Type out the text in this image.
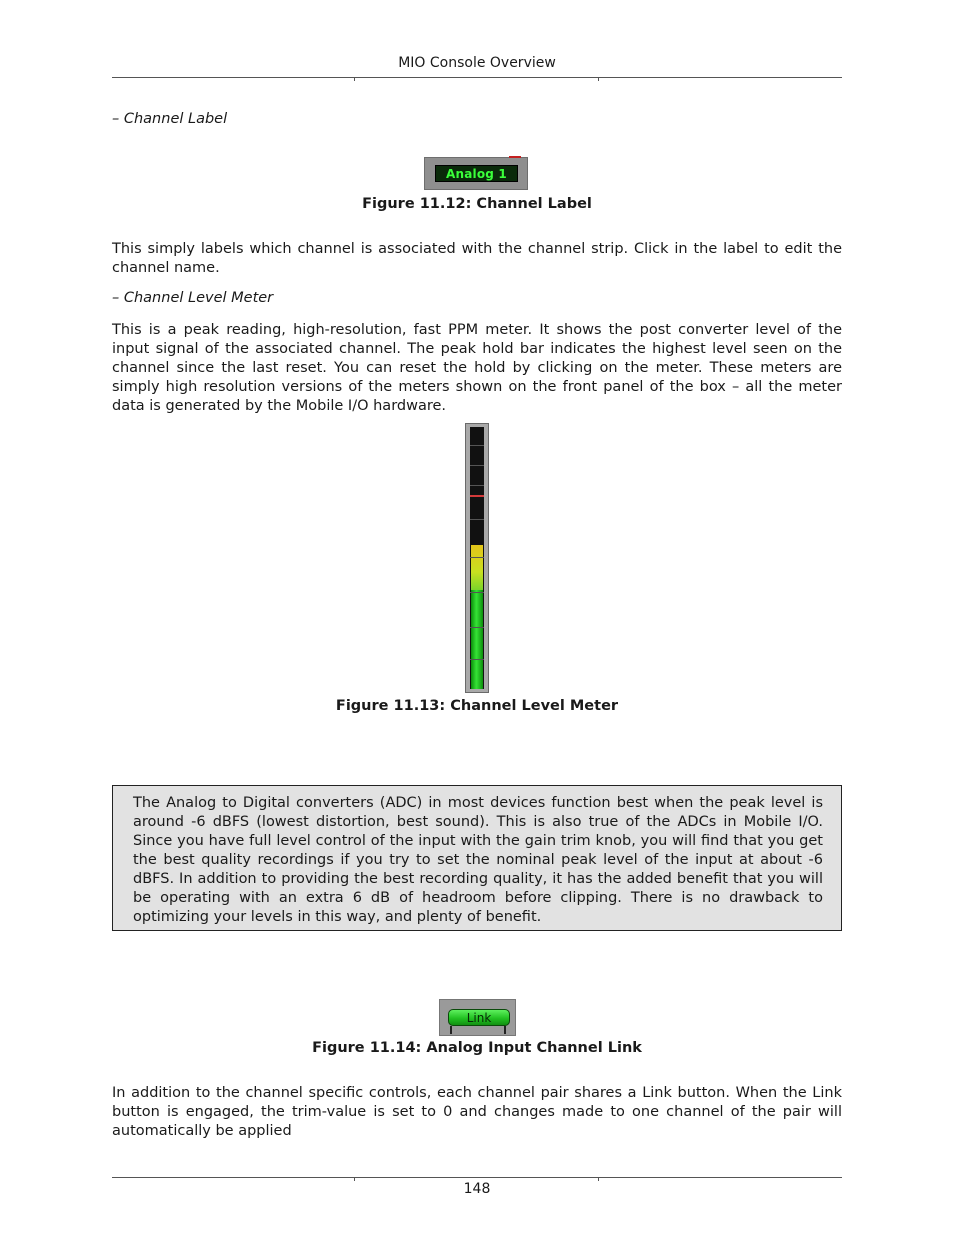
MIO Console Overview
– Channel Label
Analog 1
Figure 11.12: Channel Label
This simply labels which channel is associated with the channel strip. Click in the label to edit the channel name.
– Channel Level Meter
This is a peak reading, high-resolution, fast PPM meter. It shows the post converter level of the input signal of the associated channel. The peak hold bar indicates the highest level seen on the channel since the last reset. You can reset the hold by clicking on the meter. These meters are simply high resolution versions of the meters shown on the front panel of the box – all the meter data is generated by the Mobile I/O hardware.
Figure 11.13: Channel Level Meter
The Analog to Digital converters (ADC) in most devices function best when the peak level is around -6 dBFS (lowest distortion, best sound). This is also true of the ADCs in Mobile I/O. Since you have full level control of the input with the gain trim knob, you will find that you get the best quality recordings if you try to set the nominal peak level of the input at about -6 dBFS. In addition to providing the best recording quality, it has the added benefit that you will be operating with an extra 6 dB of headroom before clipping. There is no drawback to optimizing your levels in this way, and plenty of benefit.
Link
Figure 11.14: Analog Input Channel Link
In addition to the channel specific controls, each channel pair shares a Link button. When the Link button is engaged, the trim-value is set to 0 and changes made to one channel of the pair will automatically be applied
148
